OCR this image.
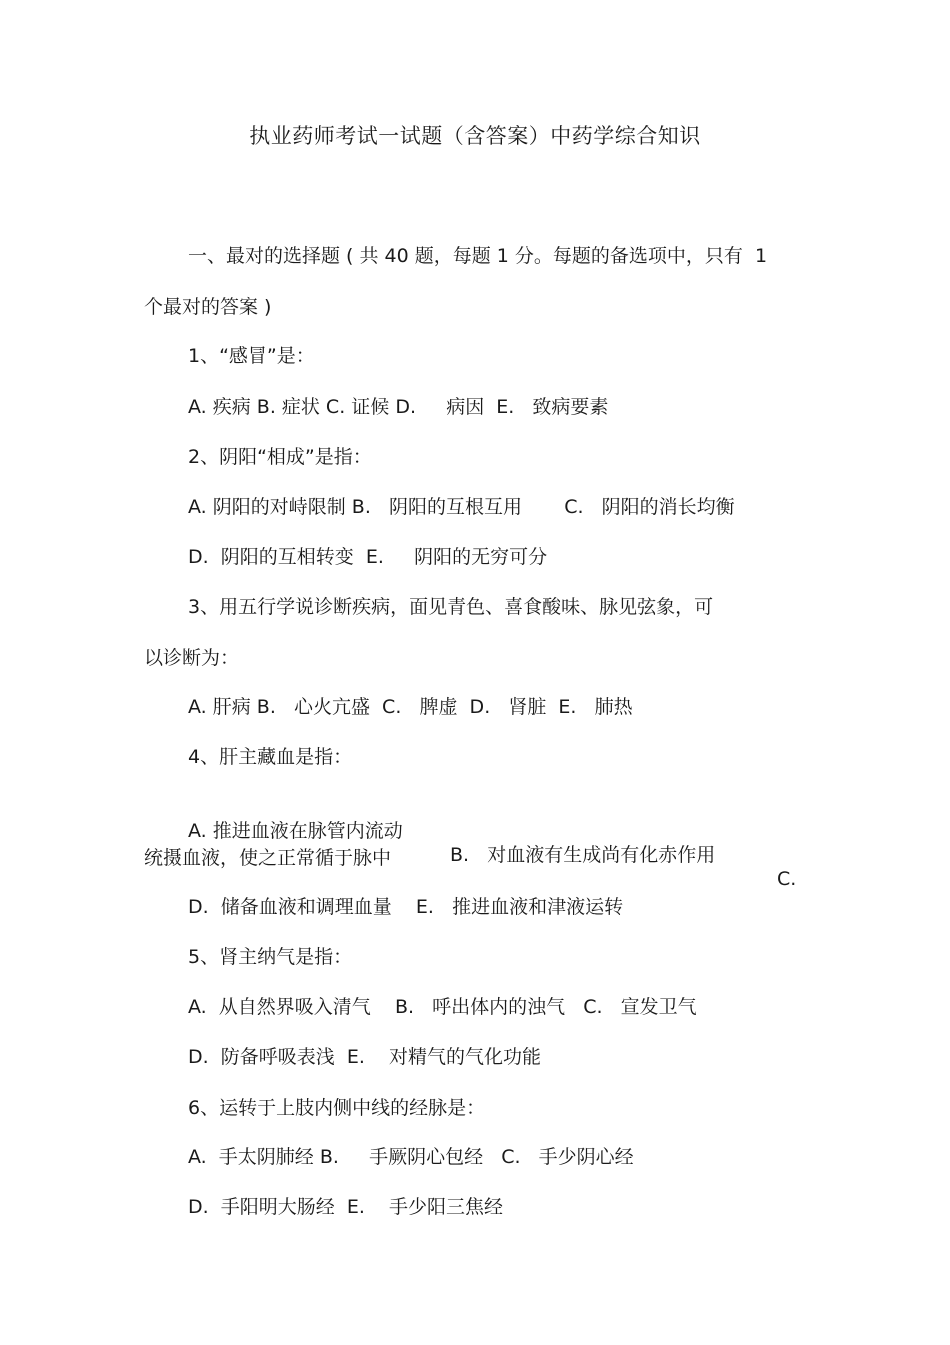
执业药师考试一试题（含答案）中药学综合知识
一、最对的选择题 ( 共 40 题，每题 1 分。每题的备选项中，只有  1
个最对的答案 )
1、“感冒”是：
A. 疾病 B. 症状 C. 证候 D.     病因  E.   致病要素
2、阴阳“相成”是指：
A. 阴阳的对峙限制 B.   阴阳的互根互用       C.   阴阳的消长均衡
D.  阴阳的互相转变  E.     阴阳的无穷可分
3、用五行学说诊断疾病，面见青色、喜食酸味、脉见弦象，可
以诊断为：
A. 肝病 B.   心火亢盛  C.   脾虚  D.   肾脏  E.   肺热
4、肝主藏血是指：

A. 推进血液在脉管内流动

B.   对血液有生成尚有化赤作用

C.

统摄血液，使之正常循于脉中
D.  储备血液和调理血量    E.   推进血液和津液运转
5、肾主纳气是指：
A.  从自然界吸入清气    B.   呼出体内的浊气   C.   宣发卫气
D.  防备呼吸表浅  E.    对精气的气化功能
6、运转于上肢内侧中线的经脉是：
A.  手太阴肺经 B.     手厥阴心包经   C.   手少阴心经
D.  手阳明大肠经  E.    手少阳三焦经
